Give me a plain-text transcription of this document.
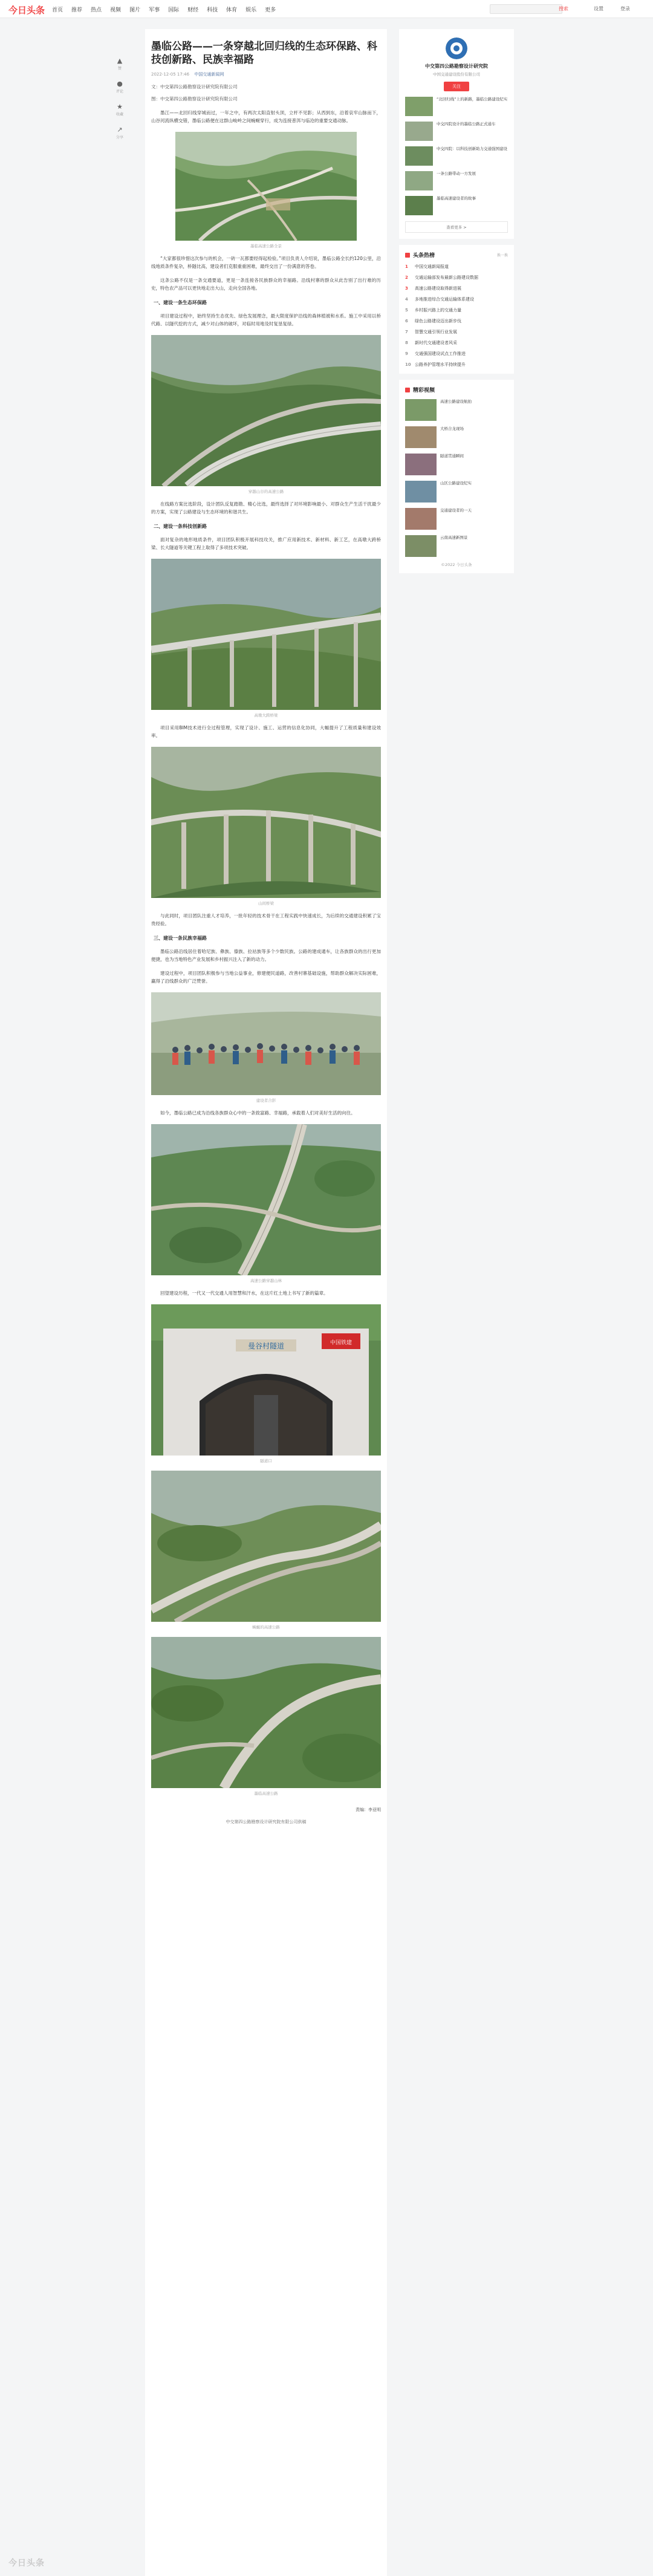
今日头条 首页 推荐 热点 视频 图片 军事 国际 财经 科技 体育 娱乐 更多	搜索	设置	登录
▲
赞
●
评论
★
收藏
↗
分享
墨临公路——一条穿越北回归线的生态环保路、科技创新路、民族幸福路
2022-12-05 17:46 中国交通新闻网
文：中交第四公路勘察设计研究院有限公司
图：中交第四公路勘察设计研究院有限公司

墨江——北回归线穿城而过，一年之中，有两次太阳直射头顶，立杆不见影；从西到东，沿着哀牢山脉而下，山谷河流纵横交错，墨临公路便在这群山峻岭之间蜿蜒穿行，成为连接普洱与临沧的重要交通动脉。

墨临高速公路全景

“大家都很珍惜这次参与的机会，一砖一瓦都要经得起检验。”项目负责人介绍说，墨临公路全长约120公里，沿线地质条件复杂，桥隧比高，建设者们克服重重困难，最终交出了一份满意的答卷。

这条公路不仅是一条交通要道，更是一条连接各民族群众的幸福路。沿线村寨的群众从此告别了出行难的历史，特色农产品可以更快地走出大山，走向全国各地。

一、建设一条生态环保路

项目建设过程中，始终坚持生态优先、绿色发展理念，最大限度保护沿线的森林植被和水系。施工中采用以桥代路、以隧代挖的方式，减少对山体的破坏，对临时用地及时复垦复绿。

穿越山谷的高速公路

在线路方案比选阶段，设计团队反复踏勘、精心比选，最终选择了对环境影响最小、对群众生产生活干扰最少的方案，实现了公路建设与生态环境的和谐共生。

二、建设一条科技创新路

面对复杂的地形地质条件，项目团队积极开展科技攻关，推广应用新技术、新材料、新工艺，在高墩大跨桥梁、长大隧道等关键工程上取得了多项技术突破。

高墩大跨桥梁

项目采用BIM技术进行全过程管理，实现了设计、施工、运营的信息化协同，大幅提升了工程质量和建设效率。

山间桥梁

与此同时，项目团队注重人才培养，一批年轻的技术骨干在工程实践中快速成长，为后续的交通建设积累了宝贵经验。

三、建设一条民族幸福路

墨临公路沿线居住着哈尼族、彝族、傣族、拉祜族等多个少数民族。公路的建成通车，让各族群众的出行更加便捷，也为当地特色产业发展和乡村振兴注入了新的动力。

建设过程中，项目团队积极参与当地公益事业，修建便民道路，改善村寨基础设施，帮助群众解决实际困难，赢得了沿线群众的广泛赞誉。

建设者合影

如今，墨临公路已成为沿线各族群众心中的一条致富路、幸福路，承载着人们对美好生活的向往。

高速公路穿越山林

回望建设历程，一代又一代交通人用智慧和汗水，在这片红土地上书写了新的篇章。

曼谷村隧道	中国铁建
隧道口
蜿蜒的高速公路
墨临高速公路
责编：李亚明
中交第四公路勘察设计研究院有限公司供稿
中交第四公路勘察设计研究院
中国交通建设股份有限公司
关注
“北回归线”上的新路，墨临公路建设纪实
中交四院设计的墨临公路正式通车
中交四院：以科技创新助力交通强国建设
一条公路带动一方发展
墨临高速建设者的故事
查看更多 >
头条热榜	换一换
1	中国交通新闻报道
2	交通运输部发布最新公路建设数据
3	高速公路建设取得新进展
4	多地推进综合交通运输体系建设
5	乡村振兴路上的交通力量
6	绿色公路建设迈出新步伐
7	智慧交通引领行业发展
8	新时代交通建设者风采
9	交通强国建设试点工作推进
10 公路养护管理水平持续提升
精彩视频
高速公路建设航拍
大桥合龙现场
隧道贯通瞬间
山区公路建设纪实
交通建设者的一天
云南高速新图景
©2022 今日头条
今日头条
